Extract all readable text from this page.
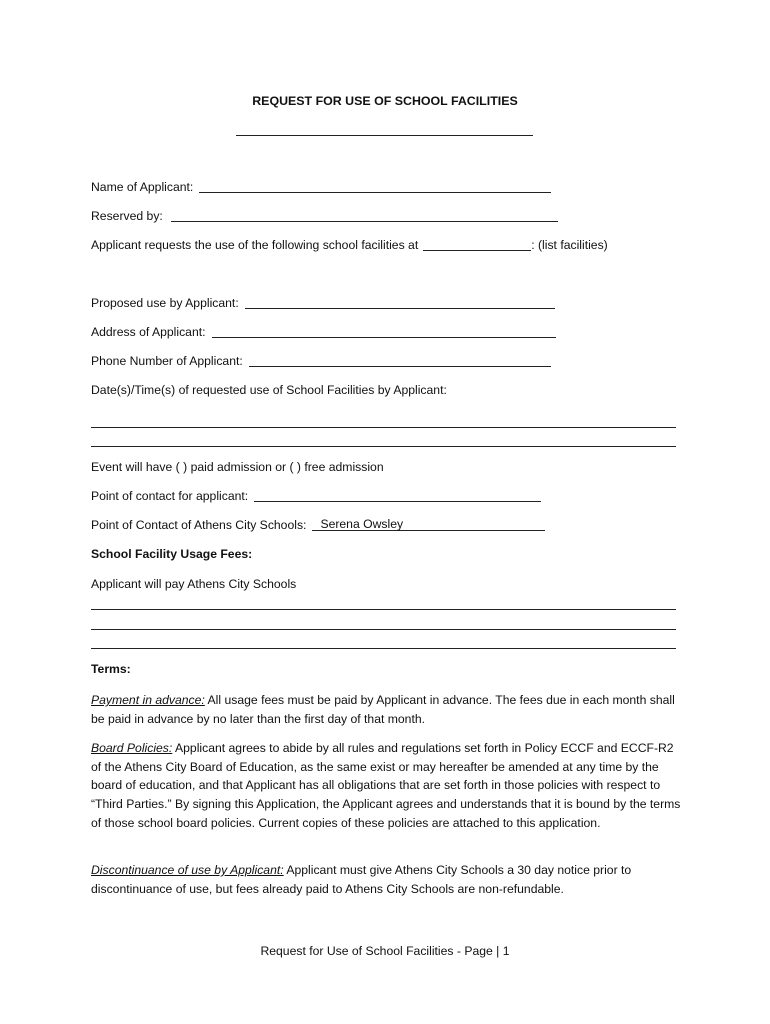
REQUEST FOR USE OF SCHOOL FACILITIES
Name of Applicant:
Reserved by:
Applicant requests the use of the following school facilities at	: (list facilities)
Proposed use by Applicant:
Address of Applicant:
Phone Number of Applicant:
Date(s)/Time(s) of requested use of School Facilities by Applicant:
Event will have ( ) paid admission or ( ) free admission
Point of contact for applicant:
Point of Contact of Athens City Schools:	Serena Owsley
School Facility Usage Fees:
Applicant will pay Athens City Schools
Terms:
Payment in advance: All usage fees must be paid by Applicant in advance. The fees due in each month shall be paid in advance by no later than the first day of that month.
Board Policies: Applicant agrees to abide by all rules and regulations set forth in Policy ECCF and ECCF-R2 of the Athens City Board of Education, as the same exist or may hereafter be amended at any time by the board of education, and that Applicant has all obligations that are set forth in those policies with respect to “Third Parties.” By signing this Application, the Applicant agrees and understands that it is bound by the terms of those school board policies. Current copies of these policies are attached to this application.
Discontinuance of use by Applicant: Applicant must give Athens City Schools a 30 day notice prior to discontinuance of use, but fees already paid to Athens City Schools are non-refundable.
Request for Use of School Facilities - Page | 1
